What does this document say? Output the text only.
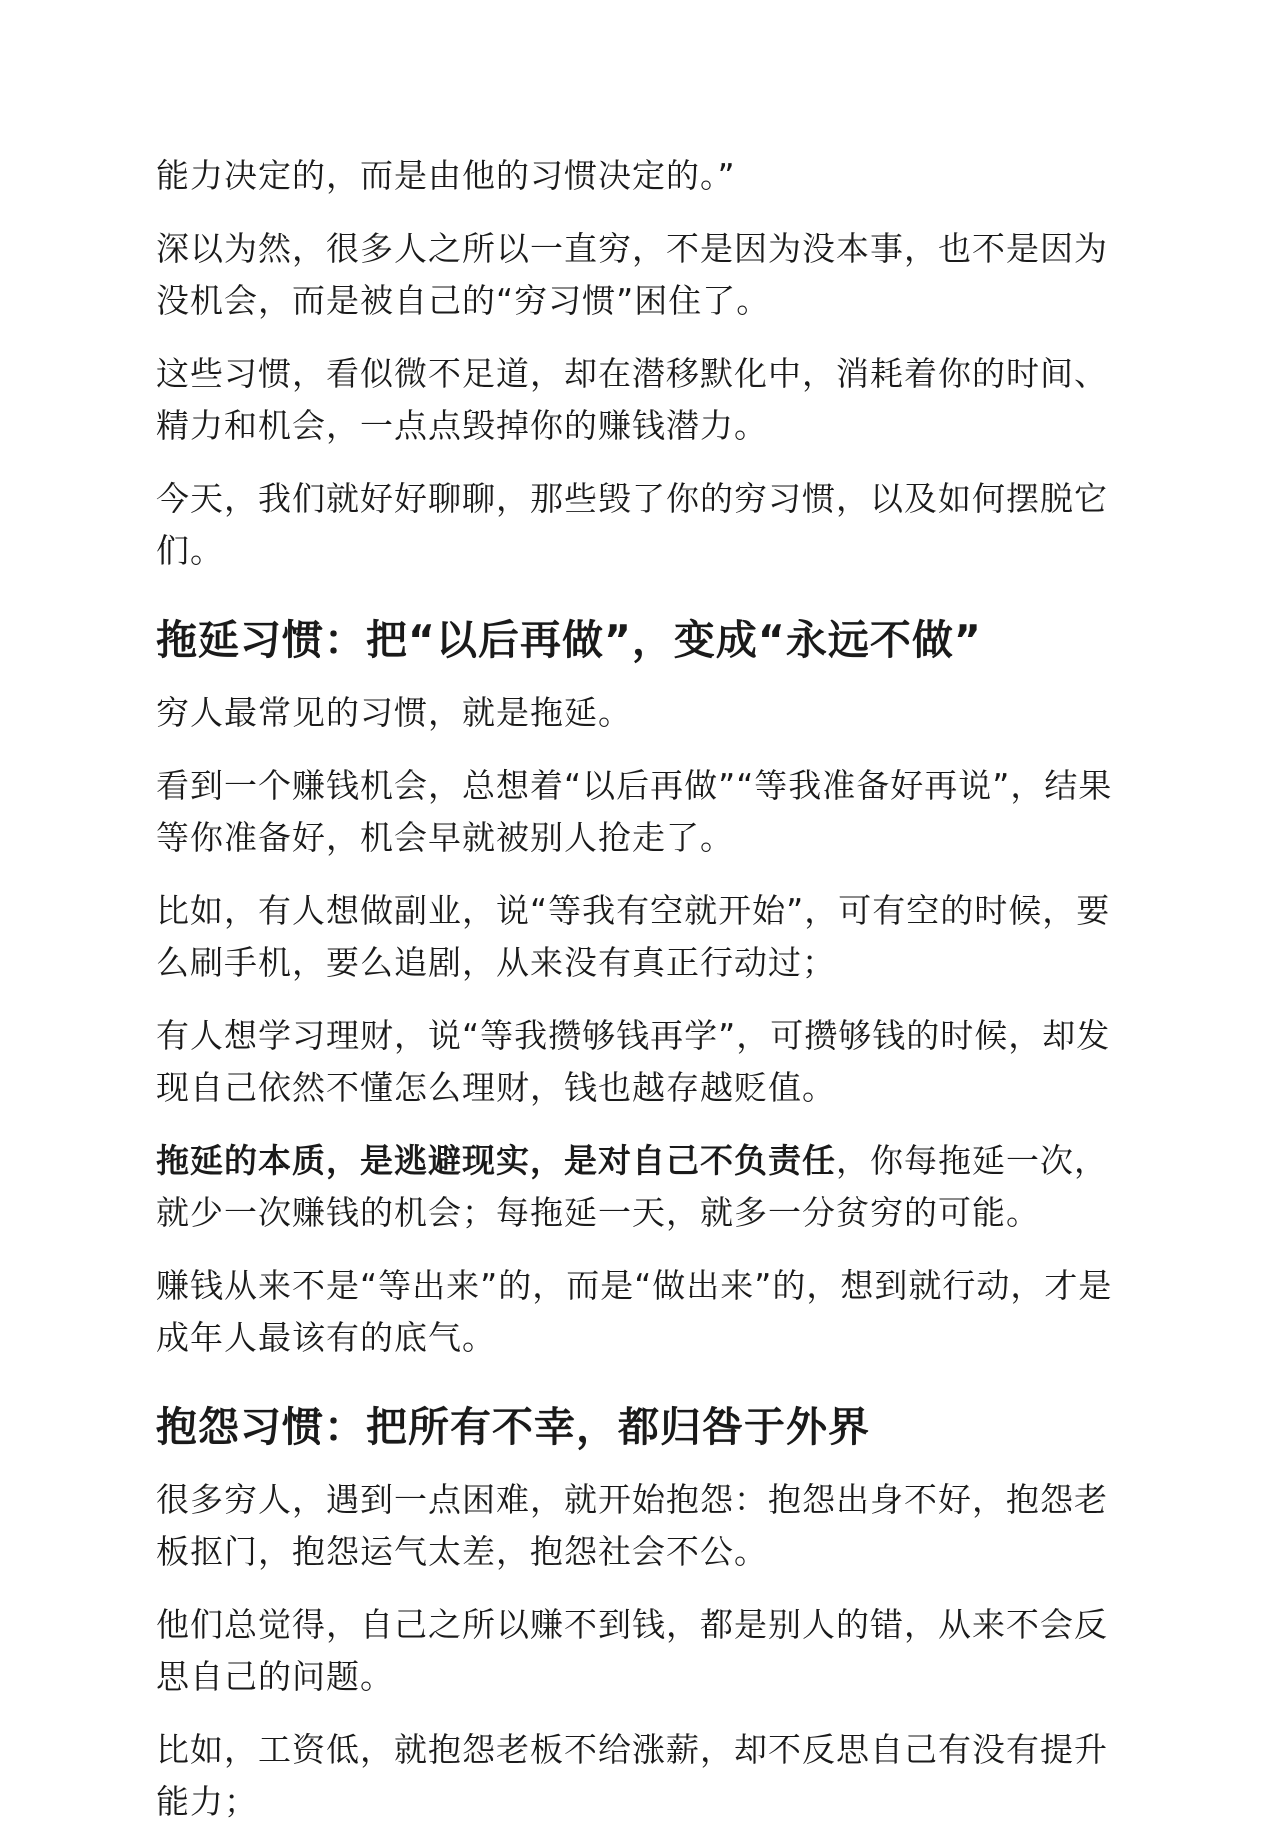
能力决定的，而是由他的习惯决定的。”

深以为然，很多人之所以一直穷，不是因为没本事，也不是因为没机会，而是被自己的“穷习惯”困住了。

这些习惯，看似微不足道，却在潜移默化中，消耗着你的时间、精力和机会，一点点毁掉你的赚钱潜力。

今天，我们就好好聊聊，那些毁了你的穷习惯，以及如何摆脱它们。

拖延习惯：把“以后再做”，变成“永远不做”

穷人最常见的习惯，就是拖延。

看到一个赚钱机会，总想着“以后再做”“等我准备好再说”，结果等你准备好，机会早就被别人抢走了。

比如，有人想做副业，说“等我有空就开始”，可有空的时候，要么刷手机，要么追剧，从来没有真正行动过；

有人想学习理财，说“等我攒够钱再学”，可攒够钱的时候，却发现自己依然不懂怎么理财，钱也越存越贬值。

拖延的本质，是逃避现实，是对自己不负责任，你每拖延一次，就少一次赚钱的机会；每拖延一天，就多一分贫穷的可能。

赚钱从来不是“等出来”的，而是“做出来”的，想到就行动，才是成年人最该有的底气。

抱怨习惯：把所有不幸，都归咎于外界

很多穷人，遇到一点困难，就开始抱怨：抱怨出身不好，抱怨老板抠门，抱怨运气太差，抱怨社会不公。

他们总觉得，自己之所以赚不到钱，都是别人的错，从来不会反思自己的问题。

比如，工资低，就抱怨老板不给涨薪，却不反思自己有没有提升能力；
